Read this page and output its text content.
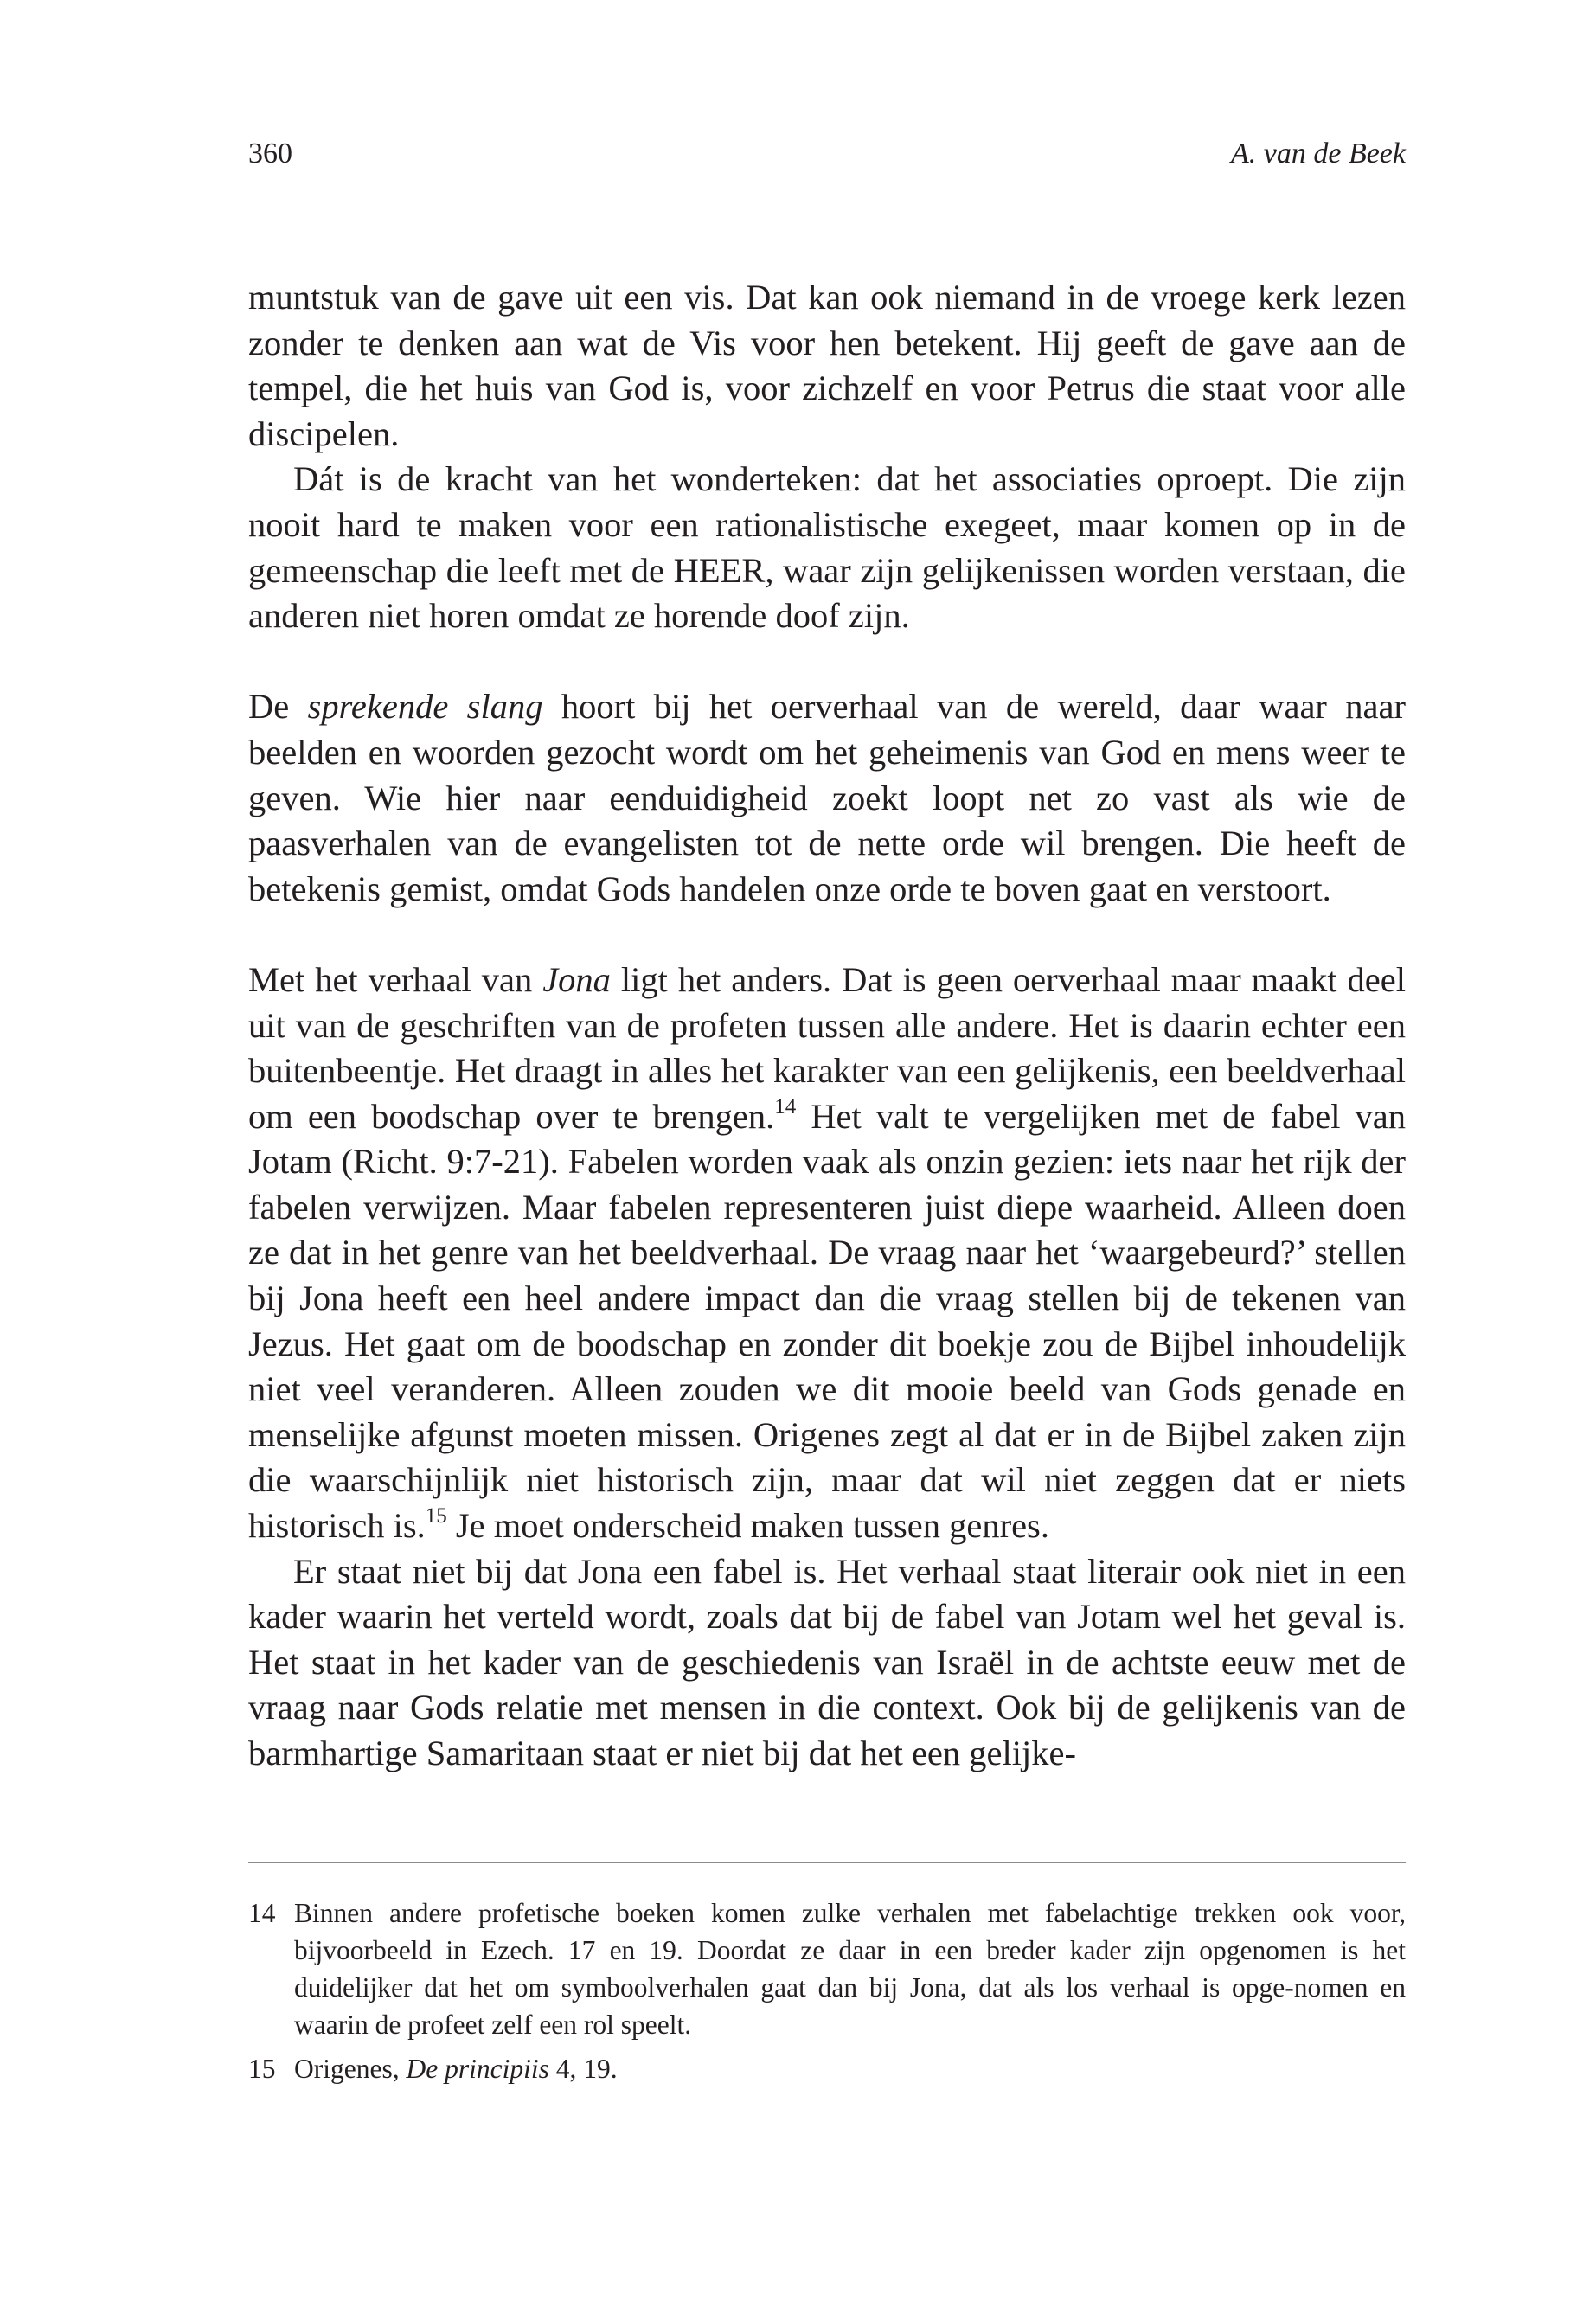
360	A. van de Beek

muntstuk van de gave uit een vis. Dat kan ook niemand in de vroege kerk lezen zonder te denken aan wat de Vis voor hen betekent. Hij geeft de gave aan de tempel, die het huis van God is, voor zichzelf en voor Petrus die staat voor alle discipelen.

Dát is de kracht van het wonderteken: dat het associaties oproept. Die zijn nooit hard te maken voor een rationalistische exegeet, maar komen op in de gemeenschap die leeft met de HEER, waar zijn gelijkenissen worden verstaan, die anderen niet horen omdat ze horende doof zijn.

De sprekende slang hoort bij het oerverhaal van de wereld, daar waar naar beelden en woorden gezocht wordt om het geheimenis van God en mens weer te geven. Wie hier naar eenduidigheid zoekt loopt net zo vast als wie de paasverhalen van de evangelisten tot de nette orde wil brengen. Die heeft de betekenis gemist, omdat Gods handelen onze orde te boven gaat en verstoort.

Met het verhaal van Jona ligt het anders. Dat is geen oerverhaal maar maakt deel uit van de geschriften van de profeten tussen alle andere. Het is daarin echter een buitenbeentje. Het draagt in alles het karakter van een gelijkenis, een beeldverhaal om een boodschap over te brengen.$^{14}$ Het valt te vergelijken met de fabel van Jotam (Richt. 9:7-21). Fabelen worden vaak als onzin gezien: iets naar het rijk der fabelen verwijzen. Maar fabelen representeren juist diepe waarheid. Alleen doen ze dat in het genre van het beeldverhaal. De vraag naar het ‘waargebeurd?’ stellen bij Jona heeft een heel andere impact dan die vraag stellen bij de tekenen van Jezus. Het gaat om de boodschap en zonder dit boekje zou de Bijbel inhoudelijk niet veel veranderen. Alleen zouden we dit mooie beeld van Gods genade en menselijke afgunst moeten missen. Origenes zegt al dat er in de Bijbel zaken zijn die waarschijnlijk niet historisch zijn, maar dat wil niet zeggen dat er niets historisch is.$^{15}$ Je moet onderscheid maken tussen genres.

Er staat niet bij dat Jona een fabel is. Het verhaal staat literair ook niet in een kader waarin het verteld wordt, zoals dat bij de fabel van Jotam wel het geval is. Het staat in het kader van de geschiedenis van Israël in de achtste eeuw met de vraag naar Gods relatie met mensen in die context. Ook bij de gelijkenis van de barmhartige Samaritaan staat er niet bij dat het een gelijke-

14 Binnen andere profetische boeken komen zulke verhalen met fabelachtige trekken ook voor, bijvoorbeeld in Ezech. 17 en 19. Doordat ze daar in een breder kader zijn opgenomen is het duidelijker dat het om symboolverhalen gaat dan bij Jona, dat als los verhaal is opge-nomen en waarin de profeet zelf een rol speelt.
15 Origenes, De principiis 4, 19.
